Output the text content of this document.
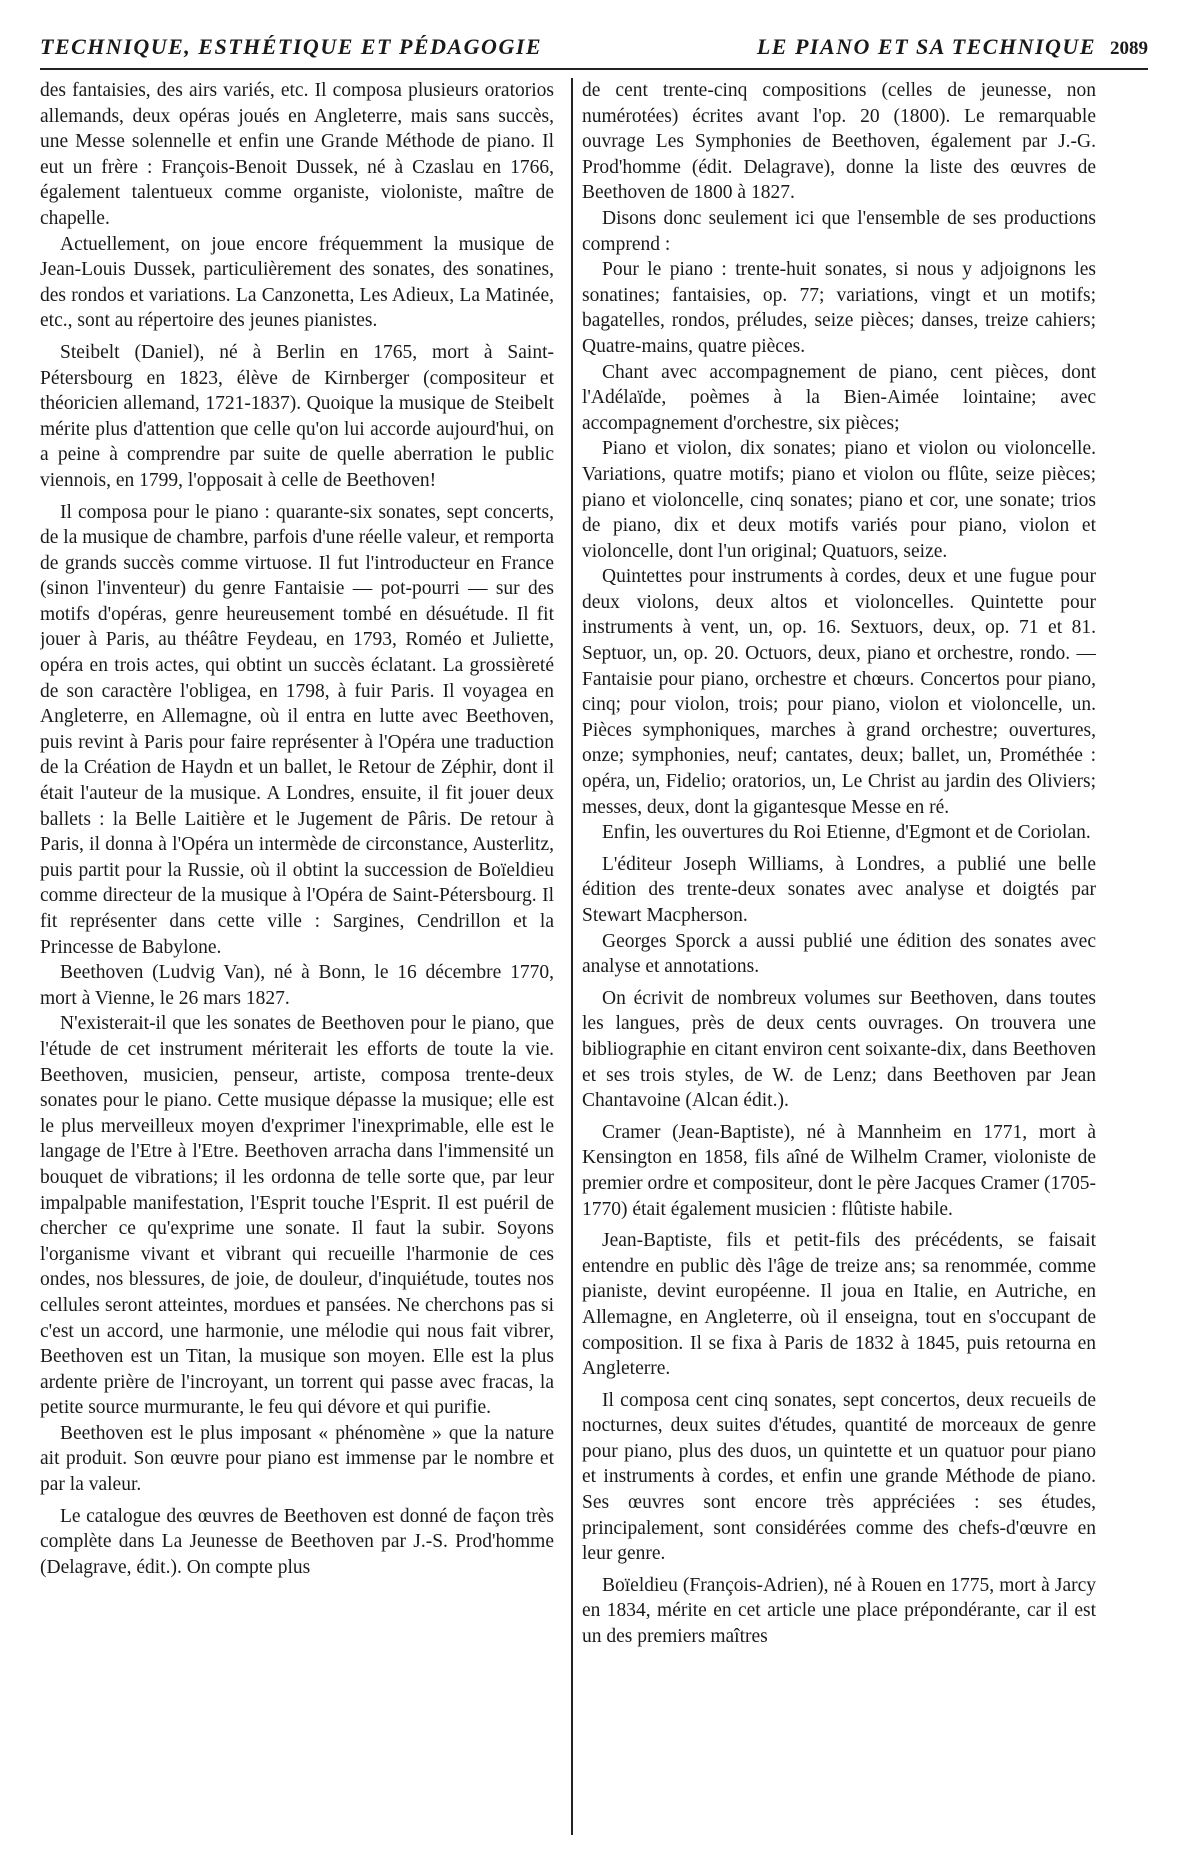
TECHNIQUE, ESTHÉTIQUE ET PÉDAGOGIE	LE PIANO ET SA TECHNIQUE 2089

des fantaisies, des airs variés, etc. Il composa plusieurs oratorios allemands, deux opéras joués en Angleterre, mais sans succès, une Messe solennelle et enfin une Grande Méthode de piano. Il eut un frère : François-Benoit Dussek, né à Czaslau en 1766, également talentueux comme organiste, violoniste, maître de chapelle.

Actuellement, on joue encore fréquemment la musique de Jean-Louis Dussek, particulièrement des sonates, des sonatines, des rondos et variations. La Canzonetta, Les Adieux, La Matinée, etc., sont au répertoire des jeunes pianistes.

Steibelt (Daniel), né à Berlin en 1765, mort à Saint-Pétersbourg en 1823, élève de Kirnberger (compositeur et théoricien allemand, 1721-1837). Quoique la musique de Steibelt mérite plus d'attention que celle qu'on lui accorde aujourd'hui, on a peine à comprendre par suite de quelle aberration le public viennois, en 1799, l'opposait à celle de Beethoven!

Il composa pour le piano : quarante-six sonates, sept concerts, de la musique de chambre, parfois d'une réelle valeur, et remporta de grands succès comme virtuose. Il fut l'introducteur en France (sinon l'inventeur) du genre Fantaisie — pot-pourri — sur des motifs d'opéras, genre heureusement tombé en désuétude. Il fit jouer à Paris, au théâtre Feydeau, en 1793, Roméo et Juliette, opéra en trois actes, qui obtint un succès éclatant. La grossièreté de son caractère l'obligea, en 1798, à fuir Paris. Il voyagea en Angleterre, en Allemagne, où il entra en lutte avec Beethoven, puis revint à Paris pour faire représenter à l'Opéra une traduction de la Création de Haydn et un ballet, le Retour de Zéphir, dont il était l'auteur de la musique. A Londres, ensuite, il fit jouer deux ballets : la Belle Laitière et le Jugement de Pâris. De retour à Paris, il donna à l'Opéra un intermède de circonstance, Austerlitz, puis partit pour la Russie, où il obtint la succession de Boïeldieu comme directeur de la musique à l'Opéra de Saint-Pétersbourg. Il fit représenter dans cette ville : Sargines, Cendrillon et la Princesse de Babylone.

Beethoven (Ludvig Van), né à Bonn, le 16 décembre 1770, mort à Vienne, le 26 mars 1827.

N'existerait-il que les sonates de Beethoven pour le piano, que l'étude de cet instrument mériterait les efforts de toute la vie. Beethoven, musicien, penseur, artiste, composa trente-deux sonates pour le piano. Cette musique dépasse la musique; elle est le plus merveilleux moyen d'exprimer l'inexprimable, elle est le langage de l'Etre à l'Etre. Beethoven arracha dans l'immensité un bouquet de vibrations; il les ordonna de telle sorte que, par leur impalpable manifestation, l'Esprit touche l'Esprit. Il est puéril de chercher ce qu'exprime une sonate. Il faut la subir. Soyons l'organisme vivant et vibrant qui recueille l'harmonie de ces ondes, nos blessures, de joie, de douleur, d'inquiétude, toutes nos cellules seront atteintes, mordues et pansées. Ne cherchons pas si c'est un accord, une harmonie, une mélodie qui nous fait vibrer, Beethoven est un Titan, la musique son moyen. Elle est la plus ardente prière de l'incroyant, un torrent qui passe avec fracas, la petite source murmurante, le feu qui dévore et qui purifie.

Beethoven est le plus imposant « phénomène » que la nature ait produit. Son œuvre pour piano est immense par le nombre et par la valeur.

Le catalogue des œuvres de Beethoven est donné de façon très complète dans La Jeunesse de Beethoven par J.-S. Prod'homme (Delagrave, édit.). On compte plus

de cent trente-cinq compositions (celles de jeunesse, non numérotées) écrites avant l'op. 20 (1800). Le remarquable ouvrage Les Symphonies de Beethoven, également par J.-G. Prod'homme (édit. Delagrave), donne la liste des œuvres de Beethoven de 1800 à 1827.

Disons donc seulement ici que l'ensemble de ses productions comprend :

Pour le piano : trente-huit sonates, si nous y adjoignons les sonatines; fantaisies, op. 77; variations, vingt et un motifs; bagatelles, rondos, préludes, seize pièces; danses, treize cahiers; Quatre-mains, quatre pièces.

Chant avec accompagnement de piano, cent pièces, dont l'Adélaïde, poèmes à la Bien-Aimée lointaine; avec accompagnement d'orchestre, six pièces;

Piano et violon, dix sonates; piano et violon ou violoncelle. Variations, quatre motifs; piano et violon ou flûte, seize pièces; piano et violoncelle, cinq sonates; piano et cor, une sonate; trios de piano, dix et deux motifs variés pour piano, violon et violoncelle, dont l'un original; Quatuors, seize.

Quintettes pour instruments à cordes, deux et une fugue pour deux violons, deux altos et violoncelles. Quintette pour instruments à vent, un, op. 16. Sextuors, deux, op. 71 et 81. Septuor, un, op. 20. Octuors, deux, piano et orchestre, rondo. — Fantaisie pour piano, orchestre et chœurs. Concertos pour piano, cinq; pour violon, trois; pour piano, violon et violoncelle, un. Pièces symphoniques, marches à grand orchestre; ouvertures, onze; symphonies, neuf; cantates, deux; ballet, un, Prométhée : opéra, un, Fidelio; oratorios, un, Le Christ au jardin des Oliviers; messes, deux, dont la gigantesque Messe en ré.

Enfin, les ouvertures du Roi Etienne, d'Egmont et de Coriolan.

L'éditeur Joseph Williams, à Londres, a publié une belle édition des trente-deux sonates avec analyse et doigtés par Stewart Macpherson.

Georges Sporck a aussi publié une édition des sonates avec analyse et annotations.

On écrivit de nombreux volumes sur Beethoven, dans toutes les langues, près de deux cents ouvrages. On trouvera une bibliographie en citant environ cent soixante-dix, dans Beethoven et ses trois styles, de W. de Lenz; dans Beethoven par Jean Chantavoine (Alcan édit.).

Cramer (Jean-Baptiste), né à Mannheim en 1771, mort à Kensington en 1858, fils aîné de Wilhelm Cramer, violoniste de premier ordre et compositeur, dont le père Jacques Cramer (1705-1770) était également musicien : flûtiste habile.

Jean-Baptiste, fils et petit-fils des précédents, se faisait entendre en public dès l'âge de treize ans; sa renommée, comme pianiste, devint européenne. Il joua en Italie, en Autriche, en Allemagne, en Angleterre, où il enseigna, tout en s'occupant de composition. Il se fixa à Paris de 1832 à 1845, puis retourna en Angleterre.

Il composa cent cinq sonates, sept concertos, deux recueils de nocturnes, deux suites d'études, quantité de morceaux de genre pour piano, plus des duos, un quintette et un quatuor pour piano et instruments à cordes, et enfin une grande Méthode de piano. Ses œuvres sont encore très appréciées : ses études, principalement, sont considérées comme des chefs-d'œuvre en leur genre.

Boïeldieu (François-Adrien), né à Rouen en 1775, mort à Jarcy en 1834, mérite en cet article une place prépondérante, car il est un des premiers maîtres
